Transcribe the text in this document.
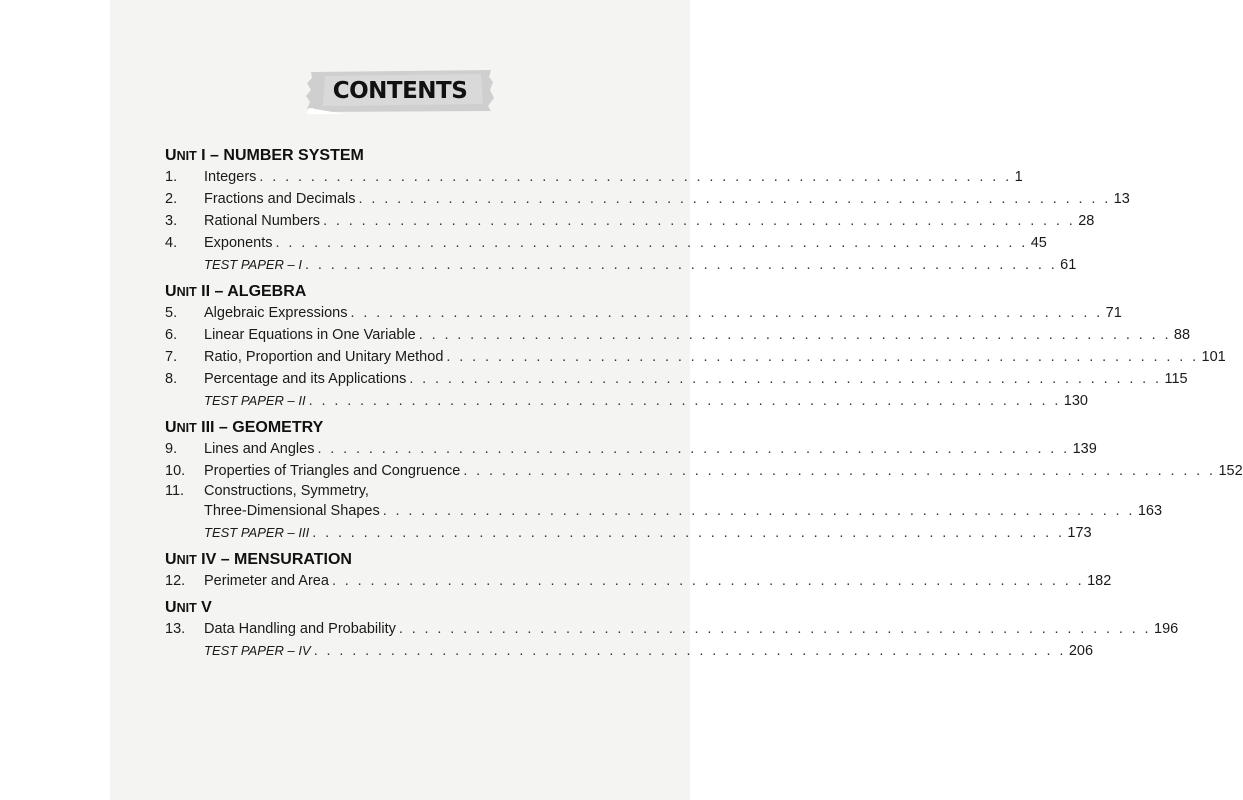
CONTENTS
UNIT I – NUMBER SYSTEM
1.	Integers . . . . . . . . . . . . . . . . . . . . . . . . . . . . . . . . . . . . . . . . . . . . . . . . . . . . . . . . . . . 1
2.	Fractions and Decimals . . . . . . . . . . . . . . . . . . . . . . . . . . . . . . . . . . . . . . . . . . . . . . . . . . . . . . . . . . . 13
3.	Rational Numbers . . . . . . . . . . . . . . . . . . . . . . . . . . . . . . . . . . . . . . . . . . . . . . . . . . . . . . . . . . . 28
4.	Exponents . . . . . . . . . . . . . . . . . . . . . . . . . . . . . . . . . . . . . . . . . . . . . . . . . . . . . . . . . . . 45
TEST PAPER – I . . . . . . . . . . . . . . . . . . . . . . . . . . . . . . . . . . . . . . . . . . . . . . . . . . . . . . . . . . . 61
UNIT II – ALGEBRA
5.	Algebraic Expressions . . . . . . . . . . . . . . . . . . . . . . . . . . . . . . . . . . . . . . . . . . . . . . . . . . . . . . . . . . . 71
6.	Linear Equations in One Variable . . . . . . . . . . . . . . . . . . . . . . . . . . . . . . . . . . . . . . . . . . . . . . . . . . . . . . . . . . . 88
7.	Ratio, Proportion and Unitary Method . . . . . . . . . . . . . . . . . . . . . . . . . . . . . . . . . . . . . . . . . . . . . . . . . . . . . . . . . . . 101
8.	Percentage and its Applications . . . . . . . . . . . . . . . . . . . . . . . . . . . . . . . . . . . . . . . . . . . . . . . . . . . . . . . . . . . 115
TEST PAPER – II . . . . . . . . . . . . . . . . . . . . . . . . . . . . . . . . . . . . . . . . . . . . . . . . . . . . . . . . . . . 130
UNIT III – GEOMETRY
9.	Lines and Angles . . . . . . . . . . . . . . . . . . . . . . . . . . . . . . . . . . . . . . . . . . . . . . . . . . . . . . . . . . . 139
10.	Properties of Triangles and Congruence . . . . . . . . . . . . . . . . . . . . . . . . . . . . . . . . . . . . . . . . . . . . . . . . . . . . . . . . . . . 152
11.	Constructions, Symmetry,
Three-Dimensional Shapes . . . . . . . . . . . . . . . . . . . . . . . . . . . . . . . . . . . . . . . . . . . . . . . . . . . . . . . . . . . 163
TEST PAPER – III . . . . . . . . . . . . . . . . . . . . . . . . . . . . . . . . . . . . . . . . . . . . . . . . . . . . . . . . . . . 173
UNIT IV – MENSURATION
12.	Perimeter and Area . . . . . . . . . . . . . . . . . . . . . . . . . . . . . . . . . . . . . . . . . . . . . . . . . . . . . . . . . . . 182
UNIT V
13.	Data Handling and Probability . . . . . . . . . . . . . . . . . . . . . . . . . . . . . . . . . . . . . . . . . . . . . . . . . . . . . . . . . . . 196
TEST PAPER – IV . . . . . . . . . . . . . . . . . . . . . . . . . . . . . . . . . . . . . . . . . . . . . . . . . . . . . . . . . . . 206
